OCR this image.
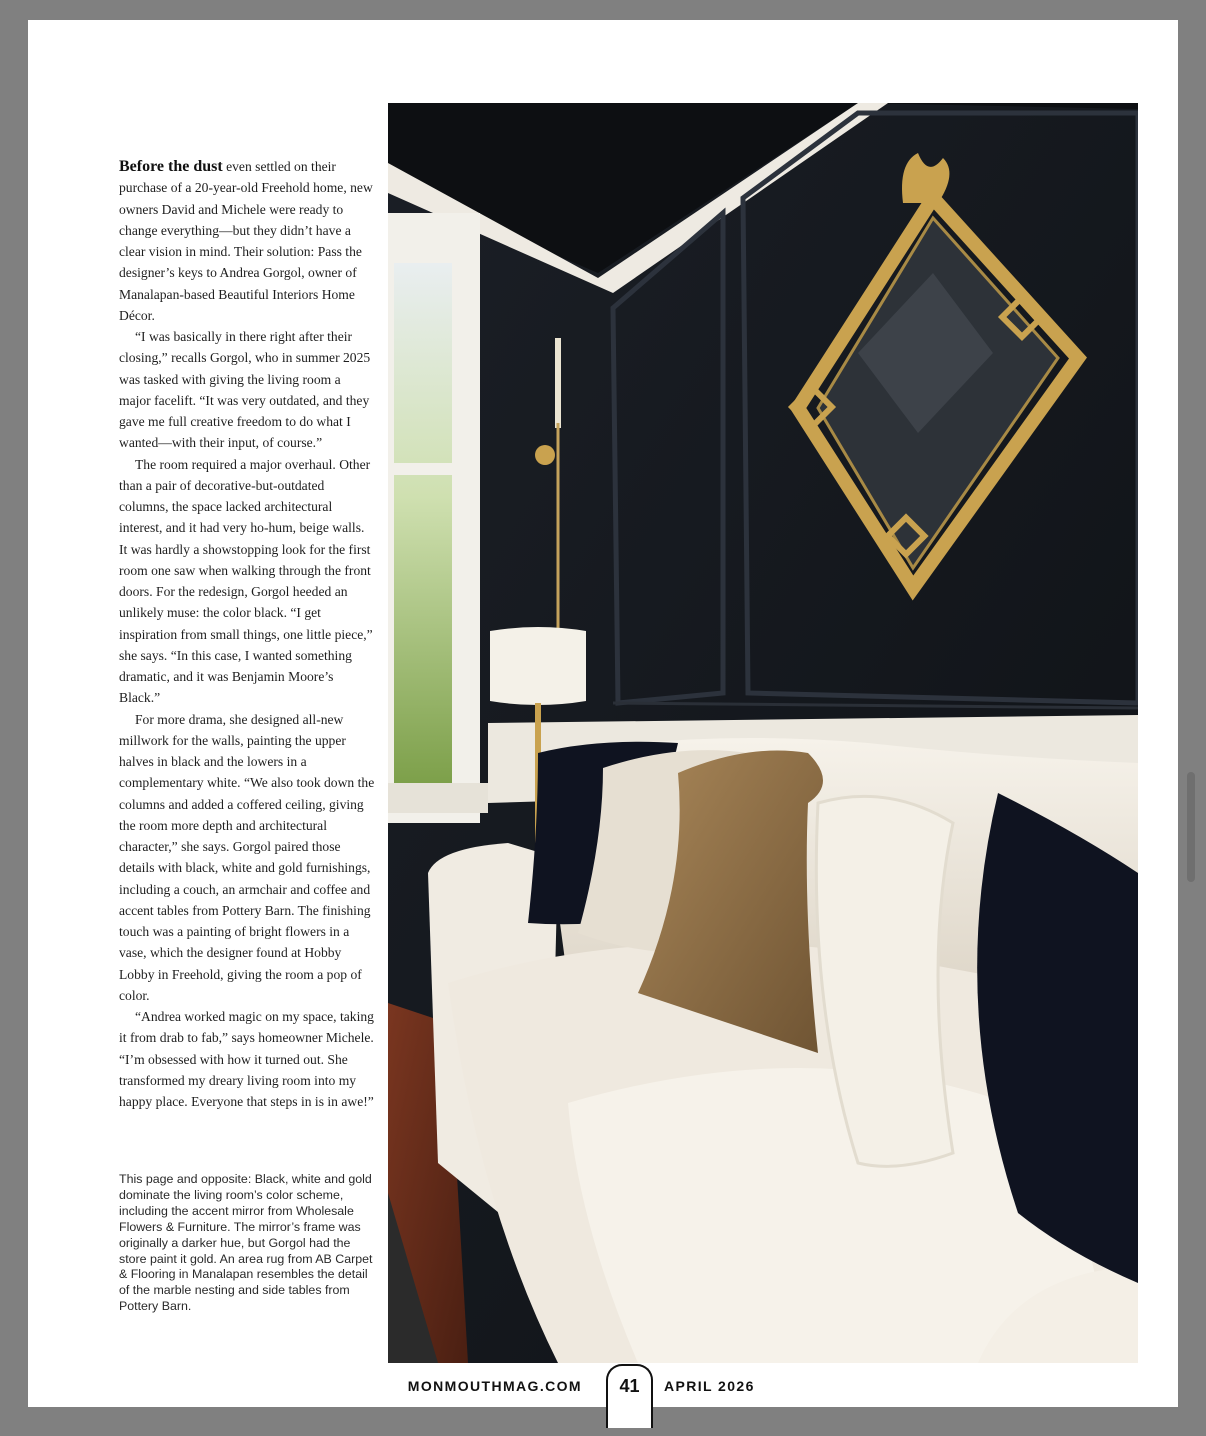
Before the dust even settled on their purchase of a 20-year-old Freehold home, new owners David and Michele were ready to change everything—but they didn’t have a clear vision in mind. Their solution: Pass the designer’s keys to Andrea Gorgol, owner of Manalapan-based Beautiful Interiors Home Décor.

“I was basically in there right after their closing,” recalls Gorgol, who in summer 2025 was tasked with giving the living room a major facelift. “It was very outdated, and they gave me full creative freedom to do what I wanted—with their input, of course.”

The room required a major overhaul. Other than a pair of decorative-but-outdated columns, the space lacked architectural interest, and it had very ho-hum, beige walls. It was hardly a showstopping look for the first room one saw when walking through the front doors. For the redesign, Gorgol heeded an unlikely muse: the color black. “I get inspiration from small things, one little piece,” she says. “In this case, I wanted something dramatic, and it was Benjamin Moore’s Black.”

For more drama, she designed all-new millwork for the walls, painting the upper halves in black and the lowers in a complementary white. “We also took down the columns and added a coffered ceiling, giving the room more depth and architectural character,” she says. Gorgol paired those details with black, white and gold furnishings, including a couch, an armchair and coffee and accent tables from Pottery Barn. The finishing touch was a painting of bright flowers in a vase, which the designer found at Hobby Lobby in Freehold, giving the room a pop of color.

“Andrea worked magic on my space, taking it from drab to fab,” says homeowner Michele. “I’m obsessed with how it turned out. She transformed my dreary living room into my happy place. Everyone that steps in is in awe!”

This page and opposite: Black, white and gold dominate the living room’s color scheme, including the accent mirror from Wholesale Flowers & Furniture. The mirror’s frame was originally a darker hue, but Gorgol had the store paint it gold. An area rug from AB Carpet & Flooring in Manalapan resembles the detail of the marble nesting and side tables from Pottery Barn.

MONMOUTHMAG.COM	41	APRIL 2026
